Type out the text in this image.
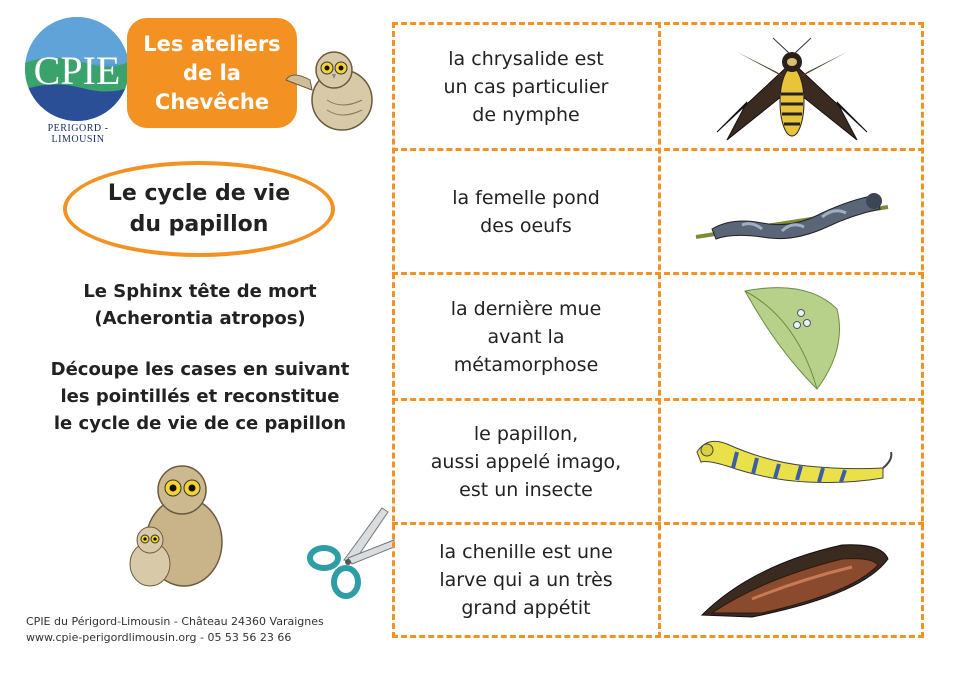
CPIE
PERIGORD - LIMOUSIN
Les ateliers
de la
Chevêche
Le cycle de vie
du papillon
Le Sphinx tête de mort
(Acherontia atropos)
Découpe les cases en suivant
les pointillés et reconstitue
le cycle de vie de ce papillon
CPIE du Périgord-Limousin - Château 24360 Varaignes
www.cpie-perigordlimousin.org - 05 53 56 23 66
la chrysalide est
un cas particulier
de nymphe
la femelle pond
des oeufs
la dernière mue
avant la
métamorphose
le papillon,
aussi appelé imago,
est un insecte
la chenille est une
larve qui a un très
grand appétit
